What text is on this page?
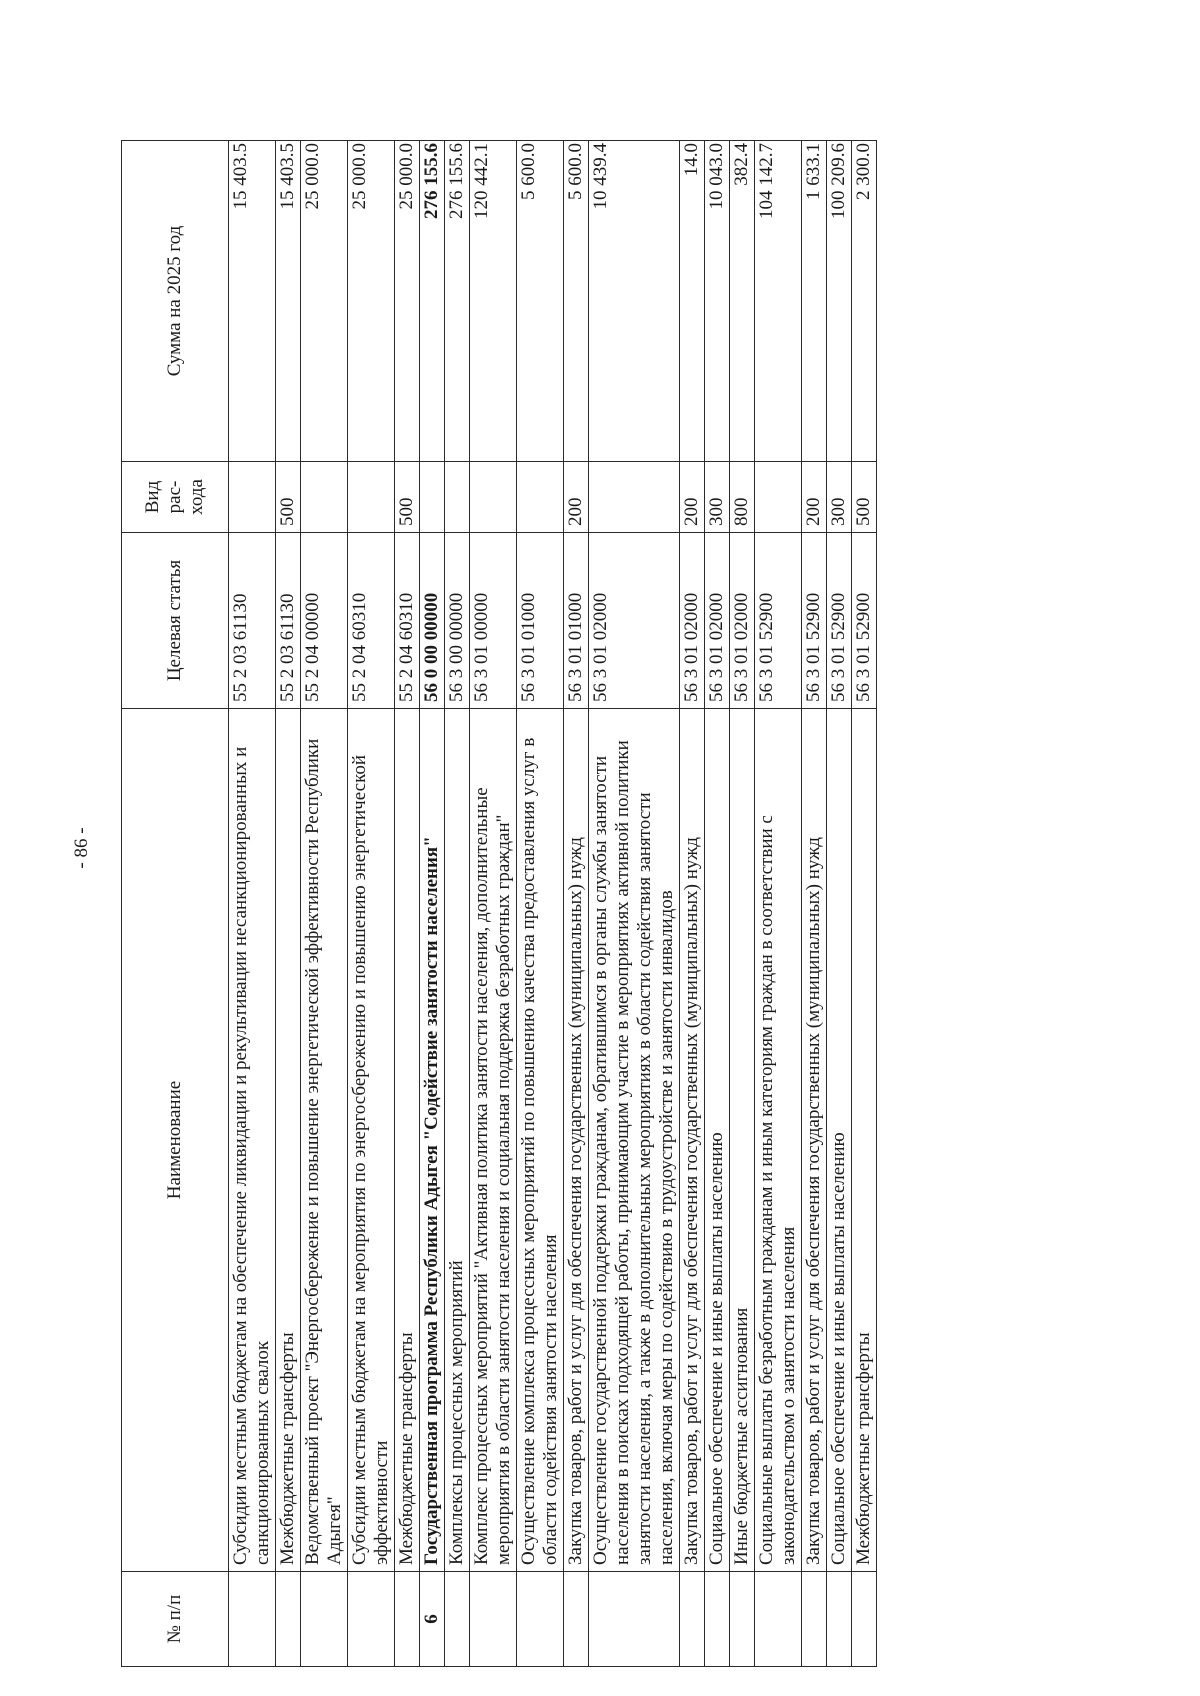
- 86 -
№ п/п	Наименование	Целевая статья	Вид рас-хода	Сумма на 2025 год
	Субсидии местным бюджетам на обеспечение ликвидации и рекультивации несанкционированных и санкционированных свалок	55 2 03 61130		15 403.5
	Межбюджетные трансферты	55 2 03 61130	500	15 403.5
	Ведомственный проект "Энергосбережение и повышение энергетической эффективности Республики Адыгея"	55 2 04 00000		25 000.0
	Субсидии местным бюджетам на мероприятия по энергосбережению и повышению энергетической эффективности	55 2 04 60310		25 000.0
	Межбюджетные трансферты	55 2 04 60310	500	25 000.0
6	Государственная программа Республики Адыгея "Содействие занятости населения"	56 0 00 00000		276 155.6
	Комплексы процессных мероприятий	56 3 00 00000		276 155.6
	Комплекс процессных мероприятий "Активная политика занятости населения, дополнительные мероприятия в области занятости населения и социальная поддержка безработных граждан"	56 3 01 00000		120 442.1
	Осуществление комплекса процессных мероприятий по повышению качества предоставления услуг в области содействия занятости населения	56 3 01 01000		5 600.0
	Закупка товаров, работ и услуг для обеспечения государственных (муниципальных) нужд	56 3 01 01000	200	5 600.0
	Осуществление государственной поддержки гражданам, обратившимся в органы службы занятости населения в поисках подходящей работы, принимающим участие в мероприятиях активной политики занятости населения, а также в дополнительных мероприятиях в области содействия занятости населения, включая меры по содействию в трудоустройстве и занятости инвалидов	56 3 01 02000		10 439.4
	Закупка товаров, работ и услуг для обеспечения государственных (муниципальных) нужд	56 3 01 02000	200	14.0
	Социальное обеспечение и иные выплаты населению	56 3 01 02000	300	10 043.0
	Иные бюджетные ассигнования	56 3 01 02000	800	382.4
	Социальные выплаты безработным гражданам и иным категориям граждан в соответствии с законодательством о занятости населения	56 3 01 52900		104 142.7
	Закупка товаров, работ и услуг для обеспечения государственных (муниципальных) нужд	56 3 01 52900	200	1 633.1
	Социальное обеспечение и иные выплаты населению	56 3 01 52900	300	100 209.6
	Межбюджетные трансферты	56 3 01 52900	500	2 300.0
